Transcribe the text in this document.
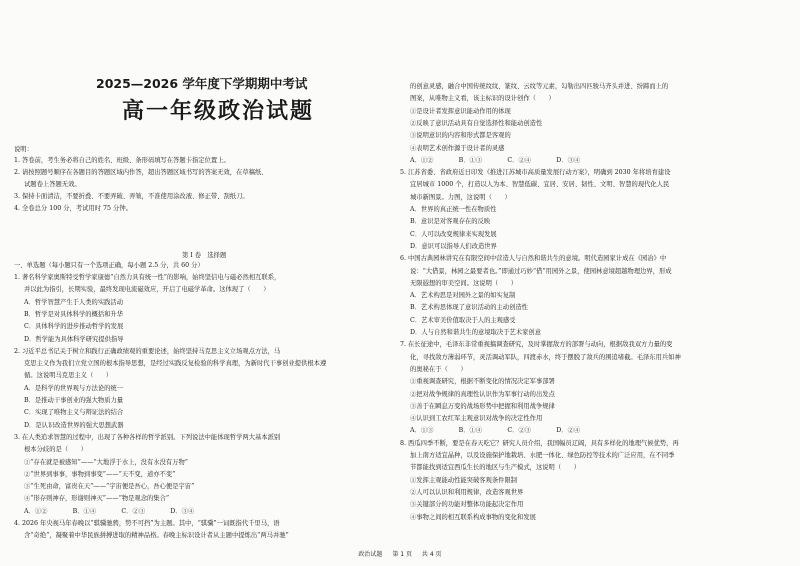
2025—2026 学年度下学期期中考试
高一年级政治试题
说明：
1. 答卷前，考生务必将自己的姓名、班级、条形码填写在答题卡指定位置上。
2. 请按照题号顺序在各题目的答题区域内作答，超出答题区域书写的答案无效，在草稿纸、
试题卷上答题无效。
3. 保持卡面清洁，不要折叠、不要弄破、弄皱，不准使用涂改液、修正带、刮纸刀。
4. 全卷总分 100 分，考试用时 75 分钟。
第 I 卷　选择题
一、单选题（每小题只有一个选项正确，每小题 2.5 分，共 60 分）
1. 著名科学家奥斯特受哲学家康德“自然力具有统一性”的影响，始终坚信电与磁必然相互联系，
并以此为指引，长期实验，最终发现电流磁效应，开启了电磁学革命。这体现了（　　）
A．哲学智慧产生于人类的实践活动
B．哲学是对具体科学的概括和升华
C．具体科学的进步推动哲学的发展
D．哲学能为具体科学研究提供指导
2. 习近平总书记关于树立和践行正确政绩观的重要论述，始终坚持马克思主义立场观点方法，马
克思主义作为我们立党立国的根本指导思想，是经过实践反复检验的科学真理，为新时代干事创业提供根本遵
循。这说明马克思主义（　　）
A．是科学的世界观与方法论的统一
B．是推动干事创业的强大物质力量
C．实现了唯物主义与辩证法的结合
D．是认识改造世界的强大思想武器
3. 在人类追求智慧的过程中，出现了各种各样的哲学派别。下列说法中能体现哲学两大基本派别
根本分歧的是（　　）
①“存在就是被感知”——“大地浮于水上，没有水没有万物”
②“世界到事事，事物到事变”——“天不变，道亦不变”
③“生死由命，富贵在天”——“宇宙便是吾心，吾心便是宇宙”
④“形存则神存，形谢则神灭”——“物是观念的集合”
A．①②　　　　B．①④　　　　C．②③　　　　D．③④
4. 2026 年央视马年春晚以“骐骥驰骋，势不可挡”为主题。其中，“骐骥”一词既指代千里马，语
含“奇绝”，凝聚着中华民族拼搏进取的精神品格。春晚主标识设计者从主题中提炼出“两马并驰”
的创意灵感，融合中国传统纹纹、篆纹、云纹等元素，勾勒出四匹骏马齐头并进、纷蹄而上的
图案，从唯物主义看，该主标识的设计创作（　　）
①是设计者发挥意识能动作用的体现
②反映了意识活动具有自觉选择性和能动创造性
③说明意识的内容和形式都是客观的
④表明艺术创作源于设计者的灵感
A．①②　　　　B．①③　　　　C．②④　　　　D．③④
5. 江苏省委、省政府近日印发《推进江苏城市高质量发展行动方案》，明确到 2030 年将培育建设
宜居城市 1000 个，打造以人为本、智慧低碳、宜居、安居、韧性、文明、智慧的现代化人民
城市新图景。力图，这说明（　　）
A．世界的真正统一性在物质性
B．意识是对客观存在的反映
C．人可以改变规律来实现发展
D．意识可以指导人们改造世界
6. 中国古典园林讲究在有限空间中营造人与自然和谐共生的意境。明代造园家计成在《园冶》中
说：“大借景，林园之最要者也。”即通过巧妙“借”用园外之景，使园林意境超越物理边界，形成
无限遐想的审美空间。这说明（　　）
A．艺术构思是对园外之景的如实复制
B．艺术构思体现了意识活动的主动创造性
C．艺术审美价值取决于人的主观感受
D．人与自然和谐共生的意境取决于艺术家创意
7. 在长征途中，毛泽东非常重视搞调查研究，及时掌握敌方的部署与动向，根据敌我双方力量的变
化，寻找敌方薄弱环节，灵活调动军队，四渡赤水，终于摆脱了敌兵的围追堵截。毛泽东用兵如神
的奥秘在于（　　）
①重视调查研究，根据不断变化的情况决定军事部署
②把对战争规律的真理性认识作为军事行动的出发点
③善于在瞬息万变的战场形势中把握和利用战争规律
④认识到工农红军主观意识对战争的决定性作用
A．①③　　　　B．①④　　　　C．②③　　　　D．②④
8. 西瓜四季不断，要是在春天吃它？研究人员介绍，我国幅员辽阔，具有多样化的地理气候优势，再
加上南方适宜晶种，以及设施保护地栽培、水肥一体化、绿色防控等技术的广泛应用，在不同季
节都能找到适宜西瓜生长的地区与生产模式，这说明（　　）
①发挥主观能动性能突破客观条件限制
②人可以认识和利用规律，改造客观世界
③关键部分的功能对整体功能起决定作用
④事物之间的相互联系构成事物的变化和发展
政治试题 第 1 页 共 4 页
